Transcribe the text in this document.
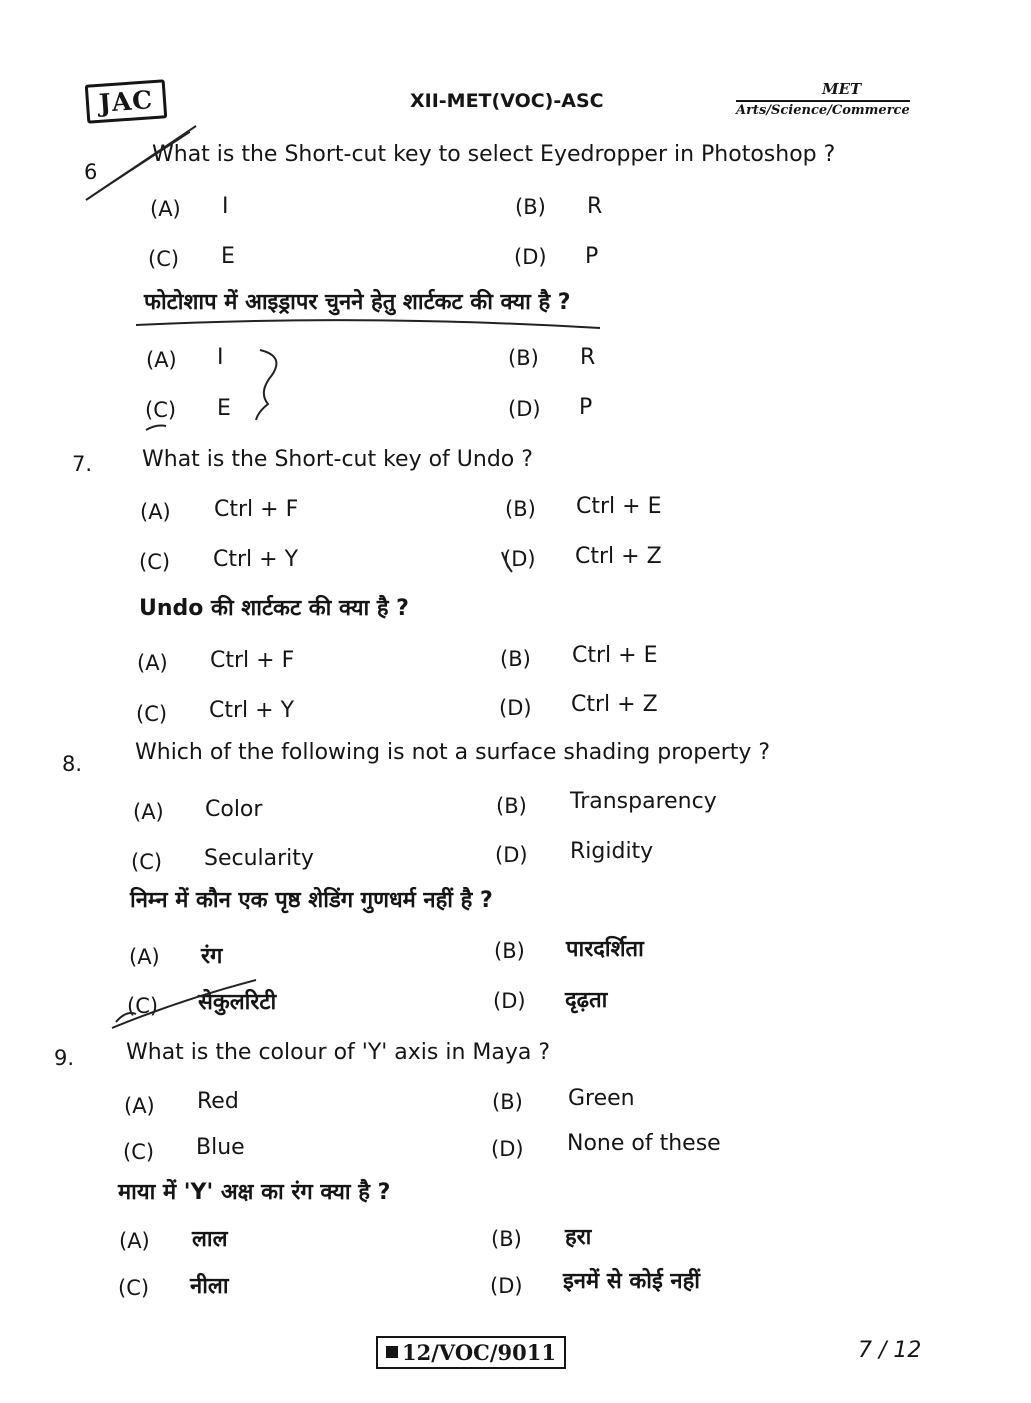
JAC	XII-MET(VOC)-ASC
MET
Arts/Science/Commerce
6
What is the Short-cut key to select Eyedropper in Photoshop ?
(A) I	(B) R
(C) E	(D) P
फोटोशाप में आइड्रापर चुनने हेतु शार्टकट की क्या है ?
(A) I	(B) R
(C) E	(D) P
7. What is the Short-cut key of Undo ?
(A) Ctrl + F	(B) Ctrl + E
(C) Ctrl + Y	(D) Ctrl + Z
Undo की शार्टकट की क्या है ?
(A) Ctrl + F	(B) Ctrl + E
(C) Ctrl + Y	(D) Ctrl + Z
8. Which of the following is not a surface shading property ?
(A) Color	(B) Transparency
(C) Secularity	(D) Rigidity
निम्न में कौन एक पृष्ठ शेडिंग गुणधर्म नहीं है ?
(A) रंग	(B) पारदर्शिता
(C) सेकुलरिटी	(D) दृढ़ता
9. What is the colour of 'Y' axis in Maya ?
(A) Red	(B) Green
(C) Blue	(D) None of these
माया में 'Y' अक्ष का रंग क्या है ?
(A) लाल	(B) हरा
(C) नीला	(D) इनमें से कोई नहीं
12/VOC/9011	7 / 12
